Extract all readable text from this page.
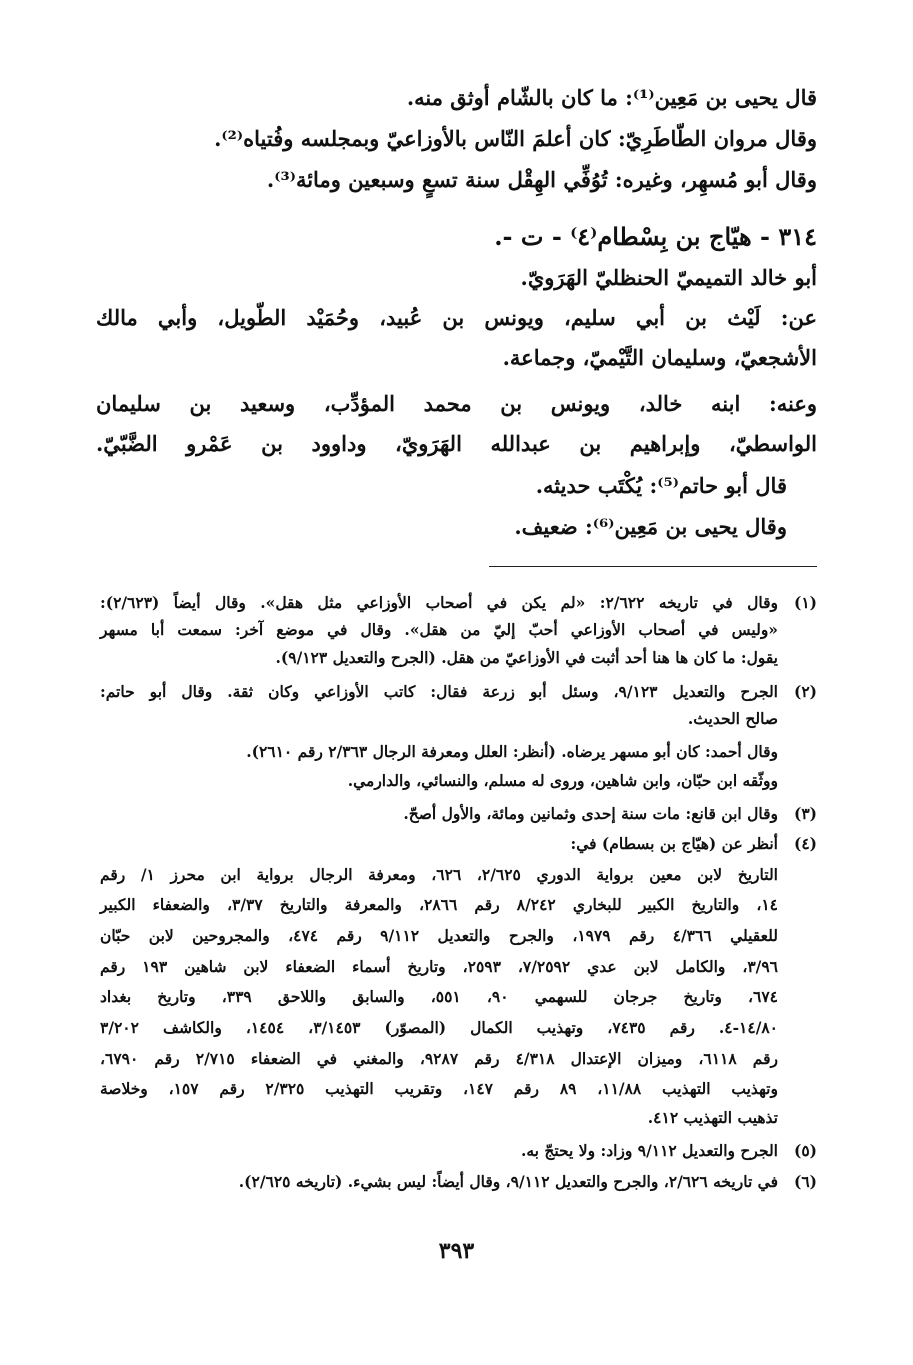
قال يحيى بن مَعِين⁽¹⁾: ما كان بالشّام أوثق منه.
وقال مروان الطّاطَرِيّ: كان أعلمَ النّاس بالأوزاعيّ وبمجلسه وفُتياه⁽²⁾.
وقال أبو مُسهِر، وغيره: تُوُفِّي الهِقْل سنة تسعٍ وسبعين ومائة⁽³⁾.
٣١٤ - هيّاج بن بِسْطام⁽٤⁾ - ت -.
أبو خالد التميميّ الحنظليّ الهَرَويّ.
عن: لَيْث بن أبي سليم، ويونس بن عُبيد، وحُمَيْد الطّويل، وأبي مالك
الأشجعيّ، وسليمان التَّيْميّ، وجماعة.
وعنه: ابنه خالد، ويونس بن محمد المؤدِّب، وسعيد بن سليمان
الواسطيّ، وإبراهيم بن عبدالله الهَرَويّ، وداوود بن عَمْرو الضَّبّيّ.
قال أبو حاتم⁽⁵⁾: يُكْتَب حديثه.
وقال يحيى بن مَعِين⁽⁶⁾: ضعيف.
(١)
وقال في تاريخه ٢/٦٢٢: «لم يكن في أصحاب الأوزاعي مثل هقل». وقال أيضاً (٢/٦٢٣):
«وليس في أصحاب الأوزاعي أحبّ إليّ من هقل». وقال في موضع آخر: سمعت أبا مسهر
يقول: ما كان ها هنا أحد أثبت في الأوزاعيّ من هقل. (الجرح والتعديل ٩/١٢٣).
(٢)
الجرح والتعديل ٩/١٢٣، وسئل أبو زرعة فقال: كاتب الأوزاعي وكان ثقة. وقال أبو حاتم:
صالح الحديث.
وقال أحمد: كان أبو مسهر يرضاه. (أنظر: العلل ومعرفة الرجال ٢/٣٦٣ رقم ٢٦١٠).
ووثّقه ابن حبّان، وابن شاهين، وروى له مسلم، والنسائي، والدارمي.
(٣)
وقال ابن قانع: مات سنة إحدى وثمانين ومائة، والأول أصحّ.
(٤)
أنظر عن (هيّاج بن بسطام) في:
التاريخ لابن معين برواية الدوري ٢/٦٢٥، ٦٢٦، ومعرفة الرجال برواية ابن محرز ١/ رقم
١٤، والتاريخ الكبير للبخاري ٨/٢٤٢ رقم ٢٨٦٦، والمعرفة والتاريخ ٣/٣٧، والضعفاء الكبير
للعقيلي ٤/٣٦٦ رقم ١٩٧٩، والجرح والتعديل ٩/١١٢ رقم ٤٧٤، والمجروحين لابن حبّان
٣/٩٦، والكامل لابن عدي ٧/٢٥٩٢، ٢٥٩٣، وتاريخ أسماء الضعفاء لابن شاهين ١٩٣ رقم
٦٧٤، وتاريخ جرجان للسهمي ٩٠، ٥٥١، والسابق واللاحق ٣٣٩، وتاريخ بغداد
١٤/٨٠-٤. رقم ٧٤٣٥، وتهذيب الكمال (المصوّر) ٣/١٤٥٣، ١٤٥٤، والكاشف ٣/٢٠٢
رقم ٦١١٨، وميزان الإعتدال ٤/٣١٨ رقم ٩٢٨٧، والمغني في الضعفاء ٢/٧١٥ رقم ٦٧٩٠،
وتهذيب التهذيب ١١/٨٨، ٨٩ رقم ١٤٧، وتقريب التهذيب ٢/٣٢٥ رقم ١٥٧، وخلاصة
تذهيب التهذيب ٤١٢.
(٥)
الجرح والتعديل ٩/١١٢ وزاد: ولا يحتجّ به.
(٦)
في تاريخه ٢/٦٢٦، والجرح والتعديل ٩/١١٢، وقال أيضاً: ليس بشيء. (تاريخه ٢/٦٢٥).
٣٩٣
